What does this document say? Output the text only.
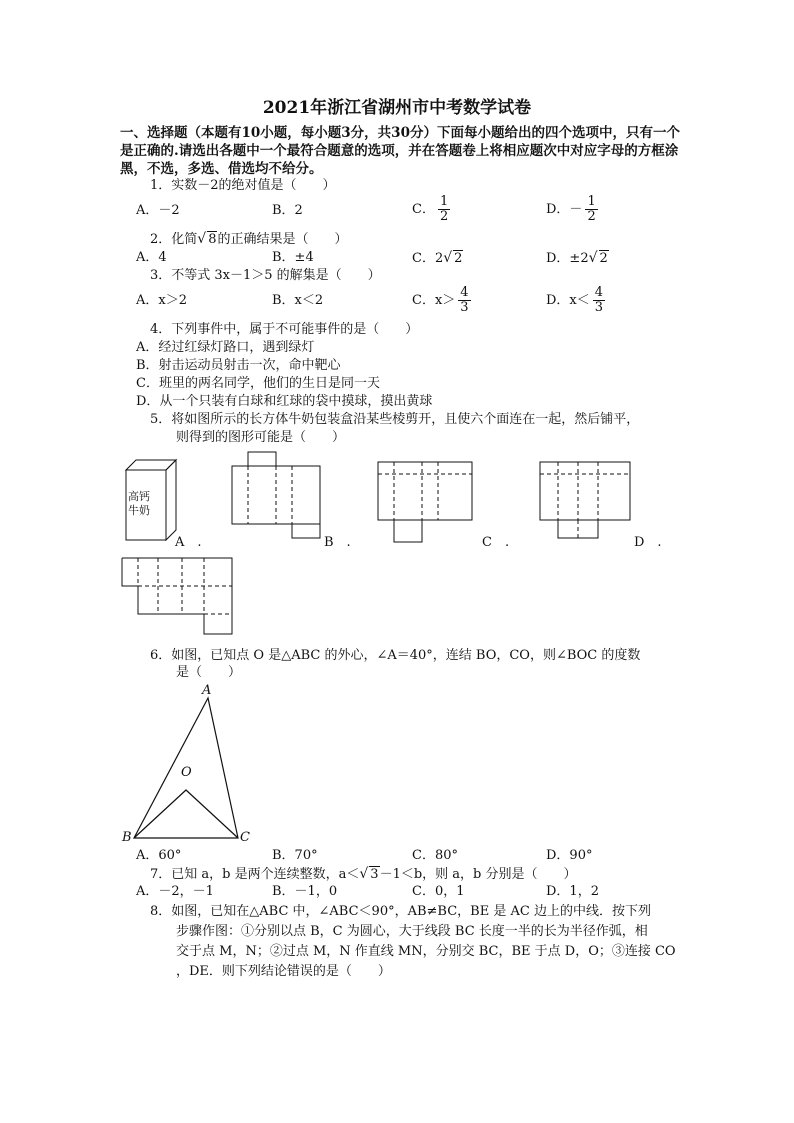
2021年浙江省湖州市中考数学试卷
一、选择题（本题有10小题，每小题3分，共30分）下面每小题给出的四个选项中，只有一个是正确的.请选出各题中一个最符合题意的选项，并在答题卷上将相应题次中对应字母的方框涂黑，不选，多选、借选均不给分。
1．实数－2的绝对值是（　　）
A．－2	B．2	C． $\frac{1}{2}$	D．－ $\frac{1}{2}$
2．化简√ 8的正确结果是（　　）
A．4	B．±4	C．2√ 2	D．±2√ 2
3．不等式 3x－1＞5 的解集是（　　）
A．x＞2	B．x＜2	C．$x> \frac{4}{3}$	D．$x< \frac{4}{3}$
4．下列事件中，属于不可能事件的是（　　）
A．经过红绿灯路口，遇到绿灯
B．射击运动员射击一次，命中靶心
C．班里的两名同学，他们的生日是同一天
D．从一个只装有白球和红球的袋中摸球，摸出黄球
5．将如图所示的长方体牛奶包装盒沿某些棱剪开，且使六个面连在一起，然后铺平，
则得到的图形可能是（　　）
高钙
牛奶
A　.	B　.	C　.	D　.
6．如图，已知点 O 是△ABC 的外心，∠A＝40°，连结 BO，CO，则∠BOC 的度数
是（　　）
A
B	C
O
A．60°	B．70°	C．80°	D．90°
7．已知 a，b 是两个连续整数，a＜√ 3－1＜b，则 a，b 分别是（　　）
A．－2，－1	B．－1，0	C．0，1	D．1，2
8．如图，已知在△ABC 中，∠ABC＜90°，AB≠BC，BE 是 AC 边上的中线．按下列
步骤作图：①分别以点 B，C 为圆心，大于线段 BC 长度一半的长为半径作弧，相
交于点 M，N；②过点 M，N 作直线 MN，分别交 BC，BE 于点 D，O；③连接 CO
，DE．则下列结论错误的是（　　）
